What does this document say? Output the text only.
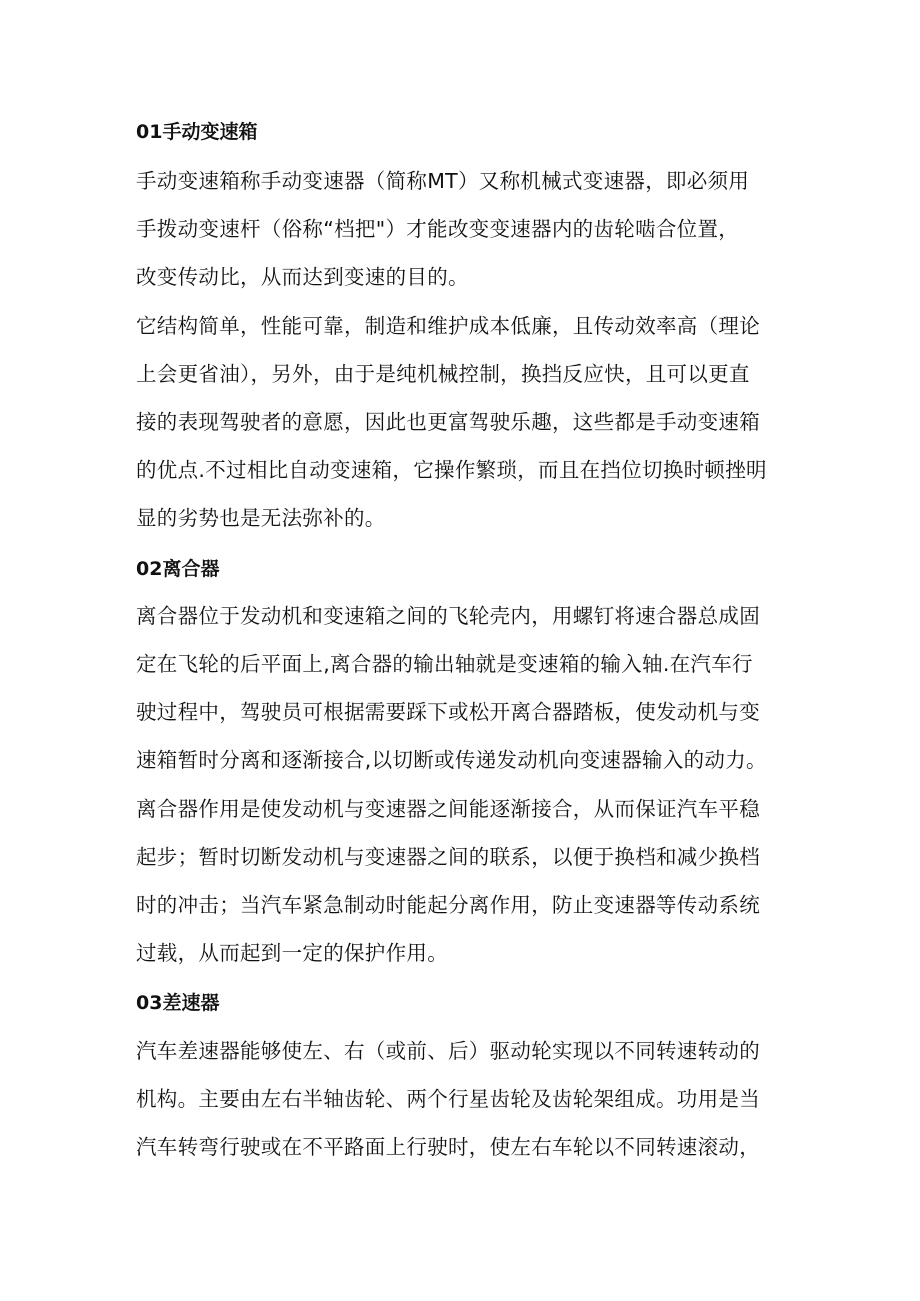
01手动变速箱
手动变速箱称手动变速器（简称MT）又称机械式变速器，即必须用
手拨动变速杆（俗称“档把"）才能改变变速器内的齿轮啮合位置，
改变传动比，从而达到变速的目的。
它结构简单，性能可靠，制造和维护成本低廉，且传动效率高（理论
上会更省油），另外，由于是纯机械控制，换挡反应快，且可以更直
接的表现驾驶者的意愿，因此也更富驾驶乐趣，这些都是手动变速箱
的优点.不过相比自动变速箱，它操作繁琐，而且在挡位切换时顿挫明
显的劣势也是无法弥补的。
02离合器
离合器位于发动机和变速箱之间的飞轮壳内，用螺钉将速合器总成固
定在飞轮的后平面上,离合器的输出轴就是变速箱的输入轴.在汽车行
驶过程中，驾驶员可根据需要踩下或松开离合器踏板，使发动机与变
速箱暂时分离和逐渐接合,以切断或传递发动机向变速器输入的动力。
离合器作用是使发动机与变速器之间能逐渐接合，从而保证汽车平稳
起步；暂时切断发动机与变速器之间的联系，以便于换档和减少换档
时的冲击；当汽车紧急制动时能起分离作用，防止变速器等传动系统
过载，从而起到一定的保护作用。
03差速器
汽车差速器能够使左、右（或前、后）驱动轮实现以不同转速转动的
机构。主要由左右半轴齿轮、两个行星齿轮及齿轮架组成。功用是当
汽车转弯行驶或在不平路面上行驶时，使左右车轮以不同转速滚动，
